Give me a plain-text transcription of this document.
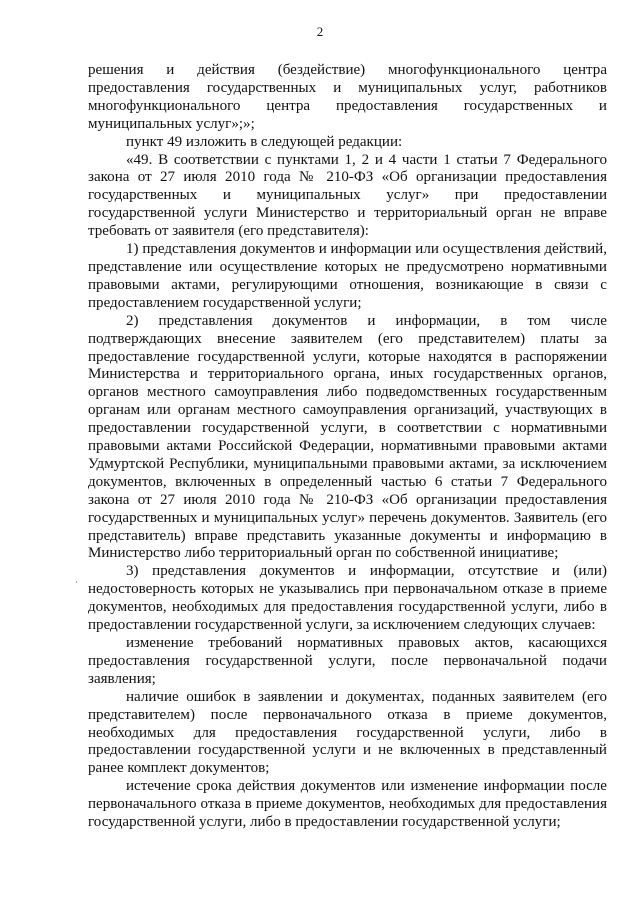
2
·

решения и действия (бездействие) многофункционального центра предоставления государственных и муниципальных услуг, работников многофункционального центра предоставления государственных и муниципальных услуг»;»;

пункт 49 изложить в следующей редакции:

«49. В соответствии с пунктами 1, 2 и 4 части 1 статьи 7 Федерального закона от 27 июля 2010 года № 210-ФЗ «Об организации предоставления государственных и муниципальных услуг» при предоставлении государственной услуги Министерство и территориальный орган не вправе требовать от заявителя (его представителя):

1) представления документов и информации или осуществления действий, представление или осуществление которых не предусмотрено нормативными правовыми актами, регулирующими отношения, возникающие в связи с предоставлением государственной услуги;

2) представления документов и информации, в том числе подтверждающих внесение заявителем (его представителем) платы за предоставление государственной услуги, которые находятся в распоряжении Министерства и территориального органа, иных государственных органов, органов местного самоуправления либо подведомственных государственным органам или органам местного самоуправления организаций, участвующих в предоставлении государственной услуги, в соответствии с нормативными правовыми актами Российской Федерации, нормативными правовыми актами Удмуртской Республики, муниципальными правовыми актами, за исключением документов, включенных в определенный частью 6 статьи 7 Федерального закона от 27 июля 2010 года № 210-ФЗ «Об организации предоставления государственных и муниципальных услуг» перечень документов. Заявитель (его представитель) вправе представить указанные документы и информацию в Министерство либо территориальный орган по собственной инициативе;

3) представления документов и информации, отсутствие и (или) недостоверность которых не указывались при первоначальном отказе в приеме документов, необходимых для предоставления государственной услуги, либо в предоставлении государственной услуги, за исключением следующих случаев:

изменение требований нормативных правовых актов, касающихся предоставления государственной услуги, после первоначальной подачи заявления;

наличие ошибок в заявлении и документах, поданных заявителем (его представителем) после первоначального отказа в приеме документов, необходимых для предоставления государственной услуги, либо в предоставлении государственной услуги и не включенных в представленный ранее комплект документов;

истечение срока действия документов или изменение информации после первоначального отказа в приеме документов, необходимых для предоставления государственной услуги, либо в предоставлении государственной услуги;
